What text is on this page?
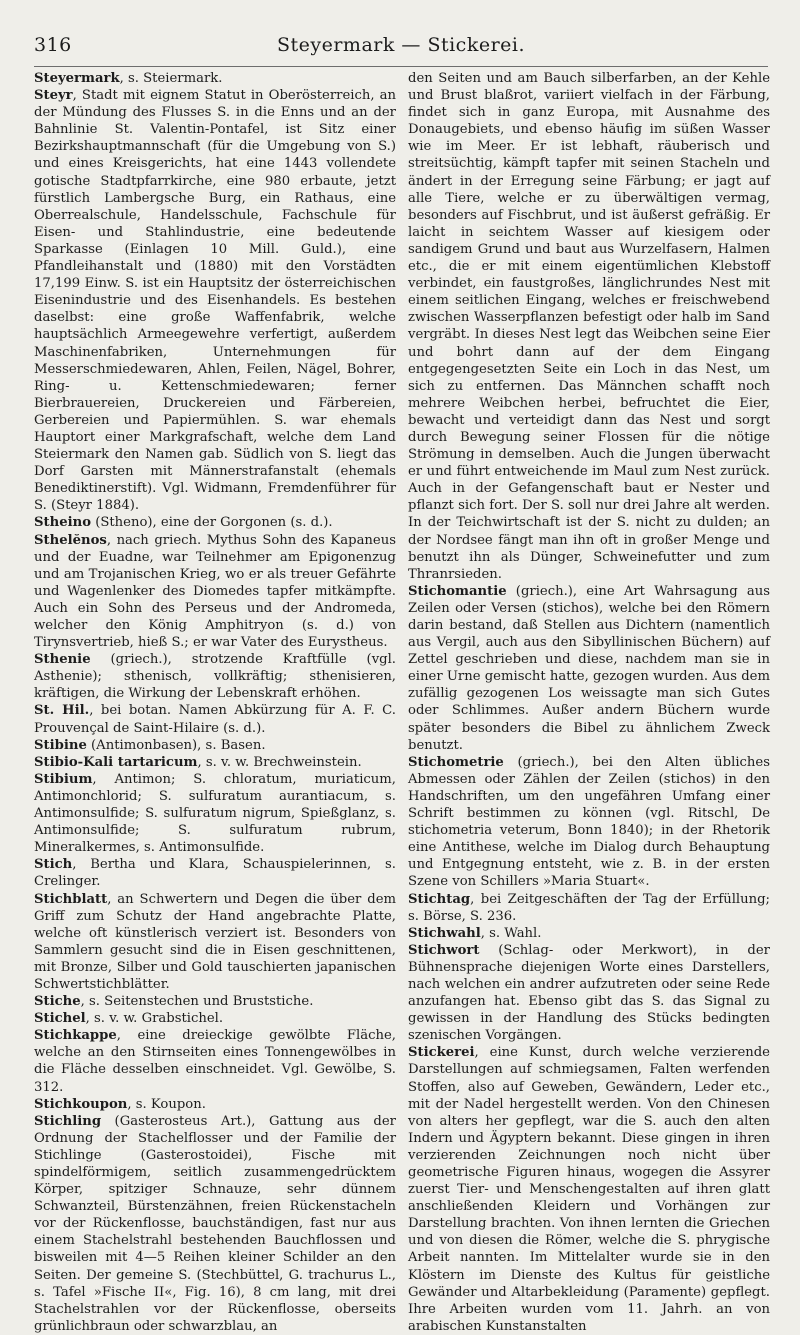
316	Steyermark — Stickerei.

Steyermark, s. Steiermark.

Steyr, Stadt mit eignem Statut in Oberösterreich, an der Mündung des Flusses S. in die Enns und an der Bahnlinie St. Valentin-Pontafel, ist Sitz einer Bezirkshauptmannschaft (für die Umgebung von S.) und eines Kreisgerichts, hat eine 1443 vollendete gotische Stadtpfarrkirche, eine 980 erbaute, jetzt fürstlich Lambergsche Burg, ein Rathaus, eine Oberrealschule, Handelsschule, Fachschule für Eisen- und Stahlindustrie, eine bedeutende Sparkasse (Einlagen 10 Mill. Guld.), eine Pfandleihanstalt und (1880) mit den Vorstädten 17,199 Einw. S. ist ein Hauptsitz der österreichischen Eisenindustrie und des Eisenhandels. Es bestehen daselbst: eine große Waffenfabrik, welche hauptsächlich Armeegewehre verfertigt, außerdem Maschinenfabriken, Unternehmungen für Messerschmiedewaren, Ahlen, Feilen, Nägel, Bohrer, Ring- u. Kettenschmiedewaren; ferner Bierbrauereien, Druckereien und Färbereien, Gerbereien und Papiermühlen. S. war ehemals Hauptort einer Markgrafschaft, welche dem Land Steiermark den Namen gab. Südlich von S. liegt das Dorf Garsten mit Männerstrafanstalt (ehemals Benediktinerstift). Vgl. Widmann, Fremdenführer für S. (Steyr 1884).

Stheino (Stheno), eine der Gorgonen (s. d.).

Sthelĕnos, nach griech. Mythus Sohn des Kapaneus und der Euadne, war Teilnehmer am Epigonenzug und am Trojanischen Krieg, wo er als treuer Gefährte und Wagenlenker des Diomedes tapfer mitkämpfte. Auch ein Sohn des Perseus und der Andromeda, welcher den König Amphitryon (s. d.) von Tirynsvertrieb, hieß S.; er war Vater des Eurystheus.

Sthenie (griech.), strotzende Kraftfülle (vgl. Asthenie); sthenisch, vollkräftig; sthenisieren, kräftigen, die Wirkung der Lebenskraft erhöhen.

St. Hil., bei botan. Namen Abkürzung für A. F. C. Prouvençal de Saint-Hilaire (s. d.).

Stibine (Antimonbasen), s. Basen.

Stibio-Kali tartaricum, s. v. w. Brechweinstein.

Stibium, Antimon; S. chloratum, muriaticum, Antimonchlorid; S. sulfuratum aurantiacum, s. Antimonsulfide; S. sulfuratum nigrum, Spießglanz, s. Antimonsulfide; S. sulfuratum rubrum, Mineralkermes, s. Antimonsulfide.

Stich, Bertha und Klara, Schauspielerinnen, s. Crelinger.

Stichblatt, an Schwertern und Degen die über dem Griff zum Schutz der Hand angebrachte Platte, welche oft künstlerisch verziert ist. Besonders von Sammlern gesucht sind die in Eisen geschnittenen, mit Bronze, Silber und Gold tauschierten japanischen Schwertstichblätter.

Stiche, s. Seitenstechen und Bruststiche.

Stichel, s. v. w. Grabstichel.

Stichkappe, eine dreieckige gewölbte Fläche, welche an den Stirnseiten eines Tonnengewölbes in die Fläche desselben einschneidet. Vgl. Gewölbe, S. 312.

Stichkoupon, s. Koupon.

Stichling (Gasterosteus Art.), Gattung aus der Ordnung der Stachelflosser und der Familie der Stichlinge (Gasterostoidei), Fische mit spindelförmigem, seitlich zusammengedrücktem Körper, spitziger Schnauze, sehr dünnem Schwanzteil, Bürstenzähnen, freien Rückenstacheln vor der Rückenflosse, bauchständigen, fast nur aus einem Stachelstrahl bestehenden Bauchflossen und bisweilen mit 4—5 Reihen kleiner Schilder an den Seiten. Der gemeine S. (Stechbüttel, G. trachurus L., s. Tafel »Fische II«, Fig. 16), 8 cm lang, mit drei Stachelstrahlen vor der Rückenflosse, oberseits grünlichbraun oder schwarzblau, an

den Seiten und am Bauch silberfarben, an der Kehle und Brust blaßrot, variiert vielfach in der Färbung, findet sich in ganz Europa, mit Ausnahme des Donaugebiets, und ebenso häufig im süßen Wasser wie im Meer. Er ist lebhaft, räuberisch und streitsüchtig, kämpft tapfer mit seinen Stacheln und ändert in der Erregung seine Färbung; er jagt auf alle Tiere, welche er zu überwältigen vermag, besonders auf Fischbrut, und ist äußerst gefräßig. Er laicht in seichtem Wasser auf kiesigem oder sandigem Grund und baut aus Wurzelfasern, Halmen etc., die er mit einem eigentümlichen Klebstoff verbindet, ein faustgroßes, länglichrundes Nest mit einem seitlichen Eingang, welches er freischwebend zwischen Wasserpflanzen befestigt oder halb im Sand vergräbt. In dieses Nest legt das Weibchen seine Eier und bohrt dann auf der dem Eingang entgegengesetzten Seite ein Loch in das Nest, um sich zu entfernen. Das Männchen schafft noch mehrere Weibchen herbei, befruchtet die Eier, bewacht und verteidigt dann das Nest und sorgt durch Bewegung seiner Flossen für die nötige Strömung in demselben. Auch die Jungen überwacht er und führt entweichende im Maul zum Nest zurück. Auch in der Gefangenschaft baut er Nester und pflanzt sich fort. Der S. soll nur drei Jahre alt werden. In der Teichwirtschaft ist der S. nicht zu dulden; an der Nordsee fängt man ihn oft in großer Menge und benutzt ihn als Dünger, Schweinefutter und zum Thranrsieden.

Stichomantie (griech.), eine Art Wahrsagung aus Zeilen oder Versen (stichos), welche bei den Römern darin bestand, daß Stellen aus Dichtern (namentlich aus Vergil, auch aus den Sibyllinischen Büchern) auf Zettel geschrieben und diese, nachdem man sie in einer Urne gemischt hatte, gezogen wurden. Aus dem zufällig gezogenen Los weissagte man sich Gutes oder Schlimmes. Außer andern Büchern wurde später besonders die Bibel zu ähnlichem Zweck benutzt.

Stichometrie (griech.), bei den Alten übliches Abmessen oder Zählen der Zeilen (stichos) in den Handschriften, um den ungefähren Umfang einer Schrift bestimmen zu können (vgl. Ritschl, De stichometria veterum, Bonn 1840); in der Rhetorik eine Antithese, welche im Dialog durch Behauptung und Entgegnung entsteht, wie z. B. in der ersten Szene von Schillers »Maria Stuart«.

Stichtag, bei Zeitgeschäften der Tag der Erfüllung; s. Börse, S. 236.

Stichwahl, s. Wahl.

Stichwort (Schlag- oder Merkwort), in der Bühnensprache diejenigen Worte eines Darstellers, nach welchen ein andrer aufzutreten oder seine Rede anzufangen hat. Ebenso gibt das S. das Signal zu gewissen in der Handlung des Stücks bedingten szenischen Vorgängen.

Stickerei, eine Kunst, durch welche verzierende Darstellungen auf schmiegsamen, Falten werfenden Stoffen, also auf Geweben, Gewändern, Leder etc., mit der Nadel hergestellt werden. Von den Chinesen von alters her gepflegt, war die S. auch den alten Indern und Ägyptern bekannt. Diese gingen in ihren verzierenden Zeichnungen noch nicht über geometrische Figuren hinaus, wogegen die Assyrer zuerst Tier- und Menschengestalten auf ihren glatt anschließenden Kleidern und Vorhängen zur Darstellung brachten. Von ihnen lernten die Griechen und von diesen die Römer, welche die S. phrygische Arbeit nannten. Im Mittelalter wurde sie in den Klöstern im Dienste des Kultus für geistliche Gewänder und Altarbekleidung (Paramente) gepflegt. Ihre Arbeiten wurden vom 11. Jahrh. an von arabischen Kunstanstalten
